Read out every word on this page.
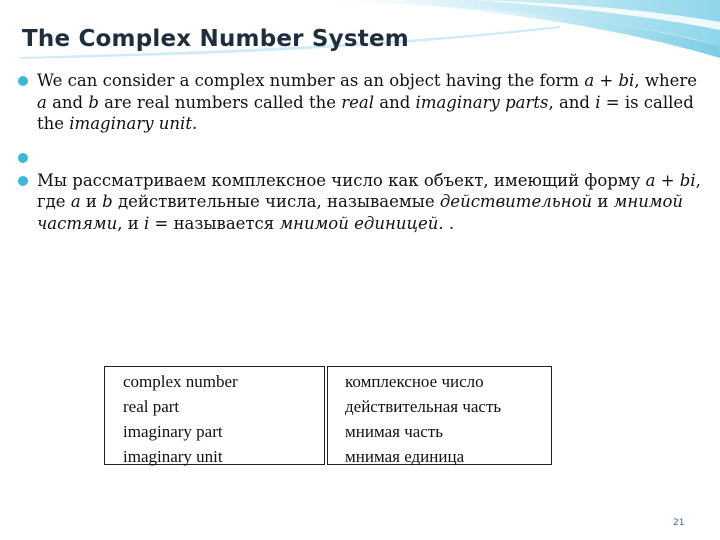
The Complex Number System
We can consider a complex number as an object having the form a + bi, where a and b are real numbers called the real and imaginary parts, and i = is called the imaginary unit.
Мы рассматриваем комплексное число как объект, имеющий форму a + bi, где a и b действительные числа, называемые действительной и мнимой частями, и i = называется мнимой единицей. .
complex number
real part
imaginary part
imaginary unit
комплексное число
действительная часть
мнимая часть
мнимая единица
21
